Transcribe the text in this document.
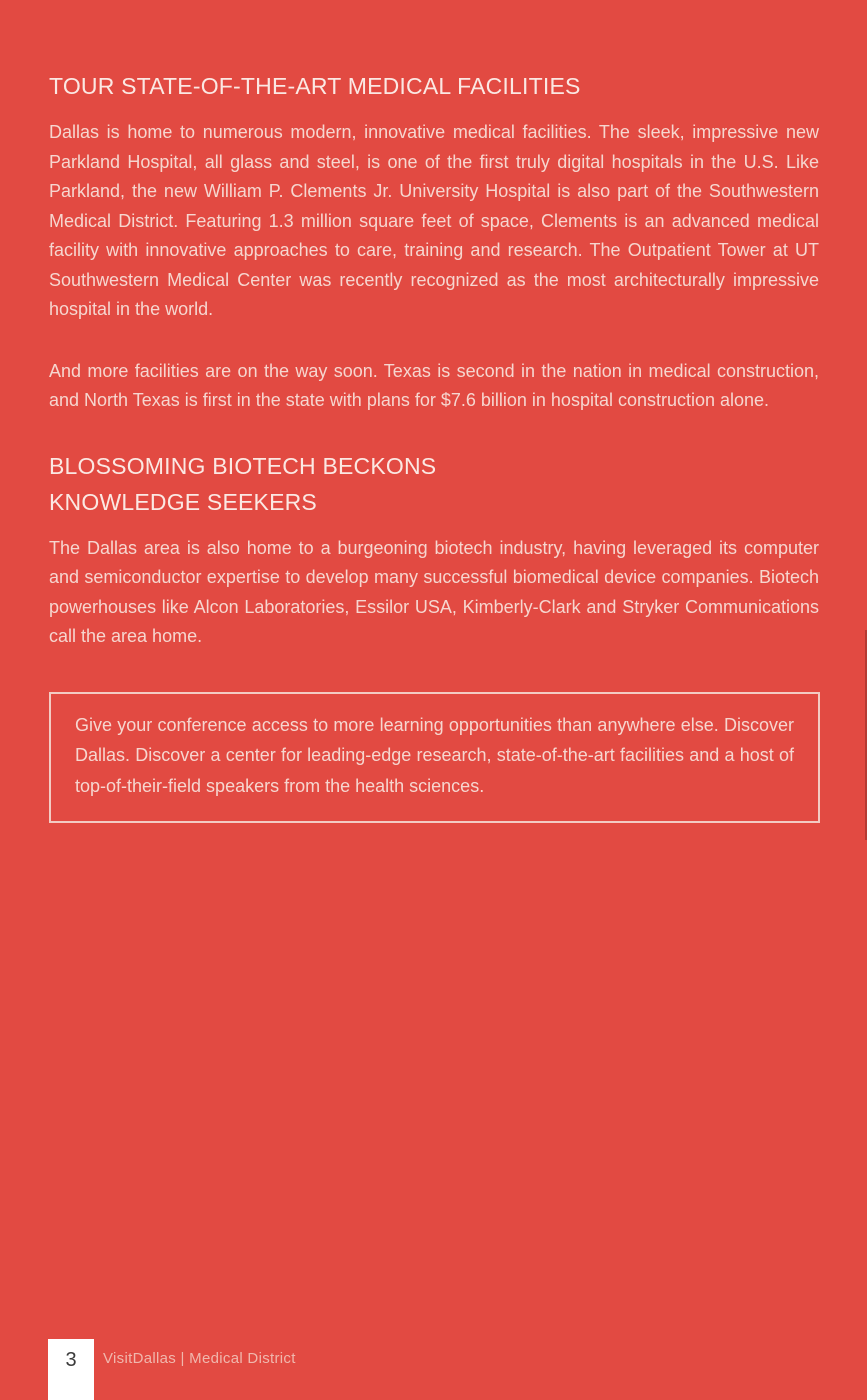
TOUR STATE-OF-THE-ART MEDICAL FACILITIES

Dallas is home to numerous modern, innovative medical facilities. The sleek, impressive new Parkland Hospital, all glass and steel, is one of the first truly digital hospitals in the U.S. Like Parkland, the new William P. Clements Jr. University Hospital is also part of the Southwestern Medical District. Featuring 1.3 million square feet of space, Clements is an advanced medical facility with innovative approaches to care, training and research. The Outpatient Tower at UT Southwestern Medical Center was recently recognized as the most architecturally impressive hospital in the world.

And more facilities are on the way soon. Texas is second in the nation in medical construction, and North Texas is first in the state with plans for $7.6 billion in hospital construction alone.

BLOSSOMING BIOTECH BECKONS
KNOWLEDGE SEEKERS

The Dallas area is also home to a burgeoning biotech industry, having leveraged its computer and semiconductor expertise to develop many successful biomedical device companies. Biotech powerhouses like Alcon Laboratories, Essilor USA, Kimberly-Clark and Stryker Communications call the area home.

Give your conference access to more learning opportunities than anywhere else. Discover Dallas. Discover a center for leading-edge research, state-of-the-art facilities and a host of top-of-their-field speakers from the health sciences.

3	VisitDallas | Medical District
